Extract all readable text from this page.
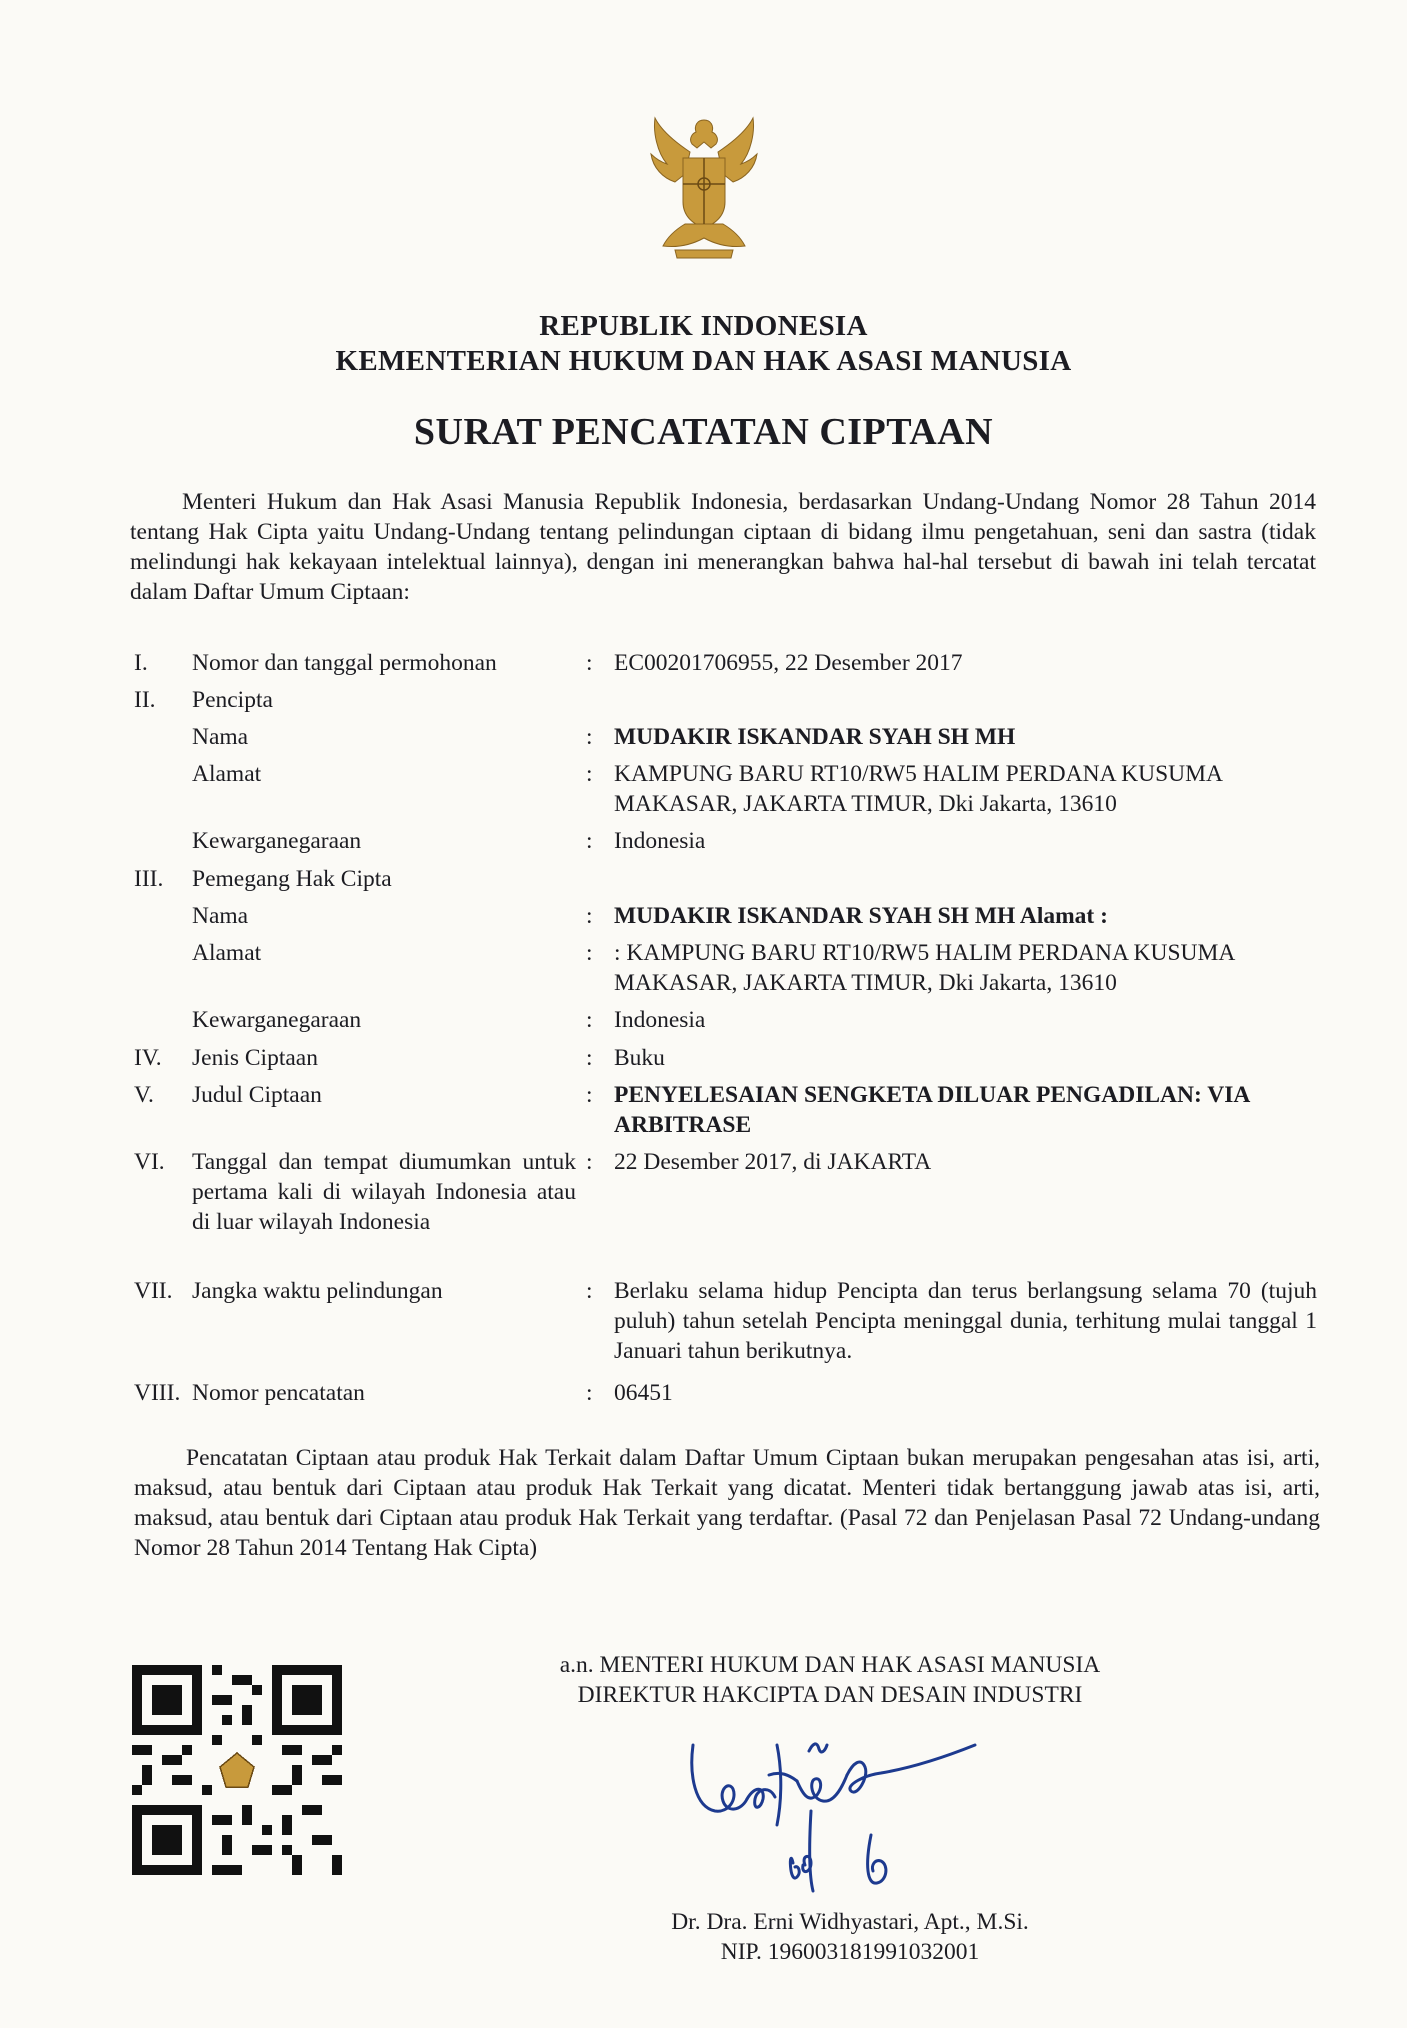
REPUBLIK INDONESIA
KEMENTERIAN HUKUM DAN HAK ASASI MANUSIA
SURAT PENCATATAN CIPTAAN
Menteri Hukum dan Hak Asasi Manusia Republik Indonesia, berdasarkan Undang-Undang Nomor 28 Tahun 2014 tentang Hak Cipta yaitu Undang-Undang tentang pelindungan ciptaan di bidang ilmu pengetahuan, seni dan sastra (tidak melindungi hak kekayaan intelektual lainnya), dengan ini menerangkan bahwa hal-hal tersebut di bawah ini telah tercatat dalam Daftar Umum Ciptaan:
I. Nomor dan tanggal permohonan	: EC00201706955, 22 Desember 2017
II. Pencipta
Nama	: MUDAKIR ISKANDAR SYAH SH MH
Alamat	: KAMPUNG BARU RT10/RW5 HALIM PERDANA KUSUMA MAKASAR, JAKARTA TIMUR, Dki Jakarta, 13610
Kewarganegaraan	: Indonesia
III. Pemegang Hak Cipta
Nama	: MUDAKIR ISKANDAR SYAH SH MH Alamat :
Alamat	: : KAMPUNG BARU RT10/RW5 HALIM PERDANA KUSUMA MAKASAR, JAKARTA TIMUR, Dki Jakarta, 13610
Kewarganegaraan	: Indonesia
IV. Jenis Ciptaan	: Buku
V. Judul Ciptaan	: PENYELESAIAN SENGKETA DILUAR PENGADILAN: VIA ARBITRASE
VI. Tanggal dan tempat diumumkan untuk pertama kali di wilayah Indonesia atau di luar wilayah Indonesia
: 22 Desember 2017, di JAKARTA
VII. Jangka waktu pelindungan	: Berlaku selama hidup Pencipta dan terus berlangsung selama 70 (tujuh puluh) tahun setelah Pencipta meninggal dunia, terhitung mulai tanggal 1 Januari tahun berikutnya.
VIII. Nomor pencatatan	: 06451
Pencatatan Ciptaan atau produk Hak Terkait dalam Daftar Umum Ciptaan bukan merupakan pengesahan atas isi, arti, maksud, atau bentuk dari Ciptaan atau produk Hak Terkait yang dicatat. Menteri tidak bertanggung jawab atas isi, arti, maksud, atau bentuk dari Ciptaan atau produk Hak Terkait yang terdaftar. (Pasal 72 dan Penjelasan Pasal 72 Undang-undang Nomor 28 Tahun 2014 Tentang Hak Cipta)
a.n. MENTERI HUKUM DAN HAK ASASI MANUSIA
DIREKTUR HAKCIPTA DAN DESAIN INDUSTRI
Dr. Dra. Erni Widhyastari, Apt., M.Si.
NIP. 196003181991032001
